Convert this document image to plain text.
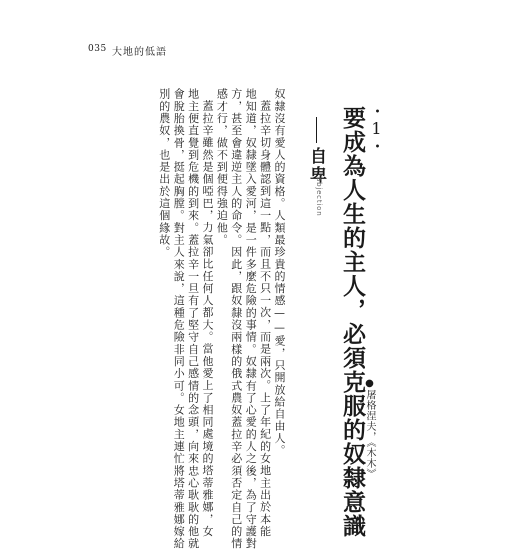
035 大地的低語
・1・
要成為人生的主人，必須克服的奴隸意識
自卑
abjection
●屠格涅夫，《木木》
奴隸沒有愛人的資格。人類最珍貴的情感——愛，只開放給自由人。
蓋拉辛切身體認到這一點，而且不只一次，而是兩次。上了年紀的女地主出於本能
地知道，奴隸墜入愛河，是一件多麼危險的事情。奴隸有了心愛的人之後，為了守護對
方，甚至會違逆主人的命令。因此，跟奴隸沒兩樣的俄式農奴蓋拉辛必須否定自己的情
感才行，做不到便得強迫他。
蓋拉辛雖然是個啞巴，力氣卻比任何人都大。當他愛上了相同處境的塔蒂雅娜，女
地主便直覺到危機的到來。蓋拉辛一旦有了堅守自己感情的念頭，向來忠心耿耿的他就
會脫胎換骨，挺起胸膛。對主人來說，這種危險非同小可。女地主連忙將塔蒂雅娜嫁給
別的農奴，也是出於這個緣故。
